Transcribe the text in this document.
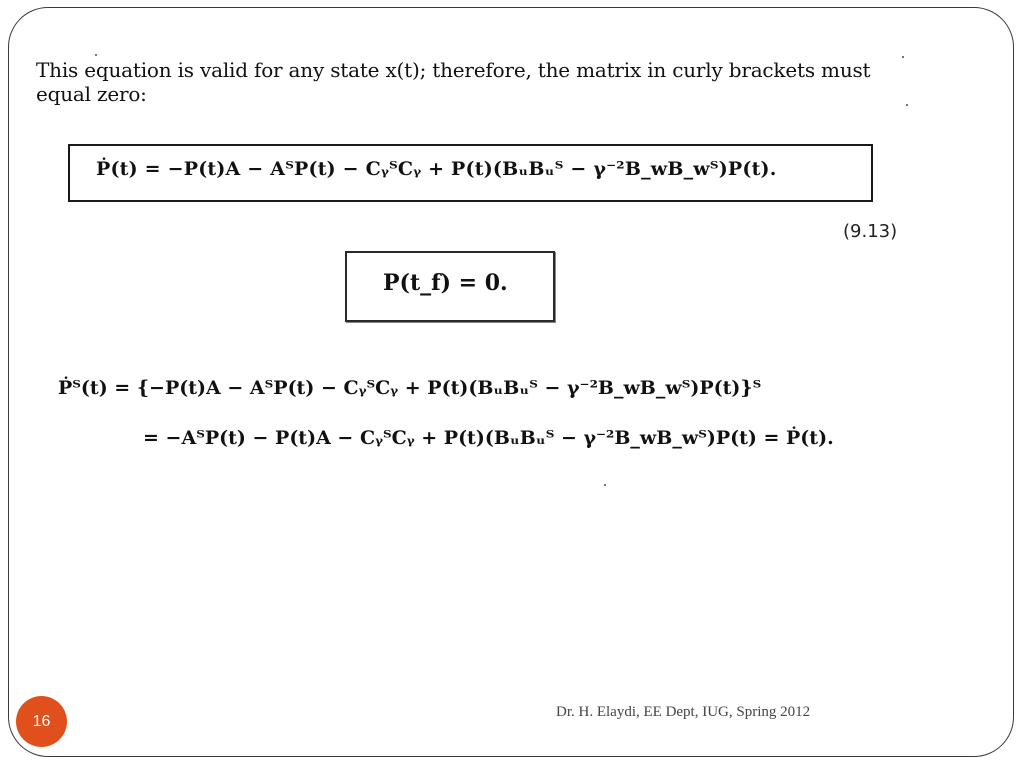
This equation is valid for any state x(t); therefore, the matrix in curly brackets must equal zero:
Ṗ(t) = −P(t)A − AᵀP(t) − CᵧᵀCᵧ + P(t)(BᵤBᵤᵀ − γ⁻²B_wB_wᵀ)P(t).
(9.13)
P(t_f) = 0.
Ṗᵀ(t) = {−P(t)A − AᵀP(t) − CᵧᵀCᵧ + P(t)(BᵤBᵤᵀ − γ⁻²B_wB_wᵀ)P(t)}ᵀ
= −AᵀP(t) − P(t)A − CᵧᵀCᵧ + P(t)(BᵤBᵤᵀ − γ⁻²B_wB_wᵀ)P(t) = Ṗ(t).
Dr. H. Elaydi, EE Dept, IUG, Spring 2012
16
